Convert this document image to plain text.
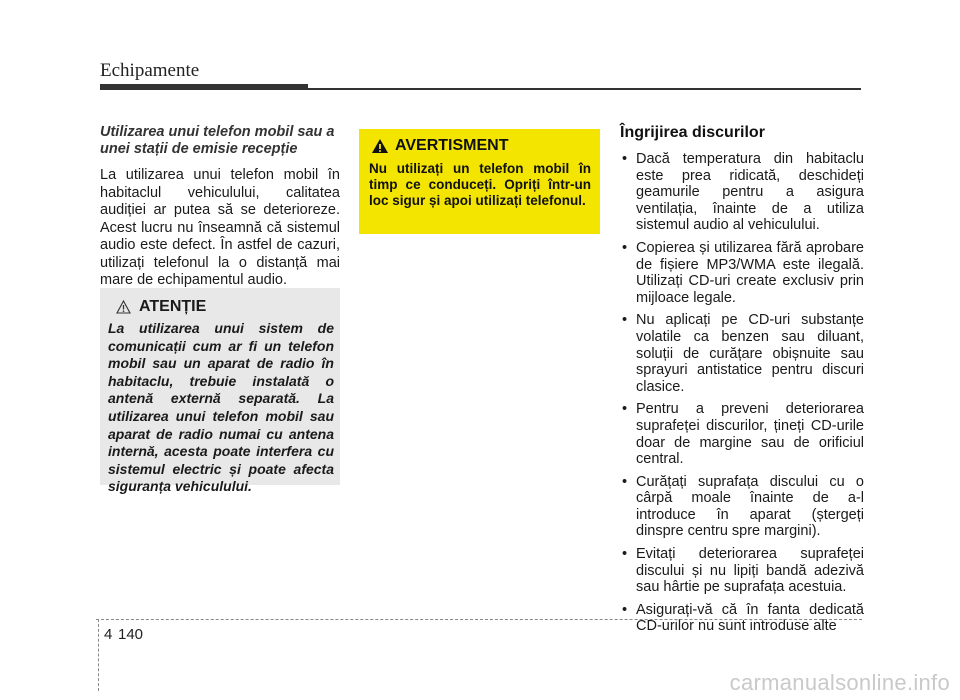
Echipamente

Utilizarea unui telefon mobil sau a unei stații de emisie recepție

La utilizarea unui telefon mobil în habitaclul vehiculului, calitatea audiției ar putea să se deterioreze. Acest lucru nu înseamnă că sistemul audio este defect. În astfel de cazuri, utilizați telefonul la o distanță mai mare de echipamentul audio.

ATENȚIE
La utilizarea unui sistem de comunicații cum ar fi un telefon mobil sau un aparat de radio în habitaclu, trebuie instalată o antenă externă separată. La utilizarea unui telefon mobil sau aparat de radio numai cu antena internă, acesta poate interfera cu sistemul electric și poate afecta siguranța vehiculului.
AVERTISMENT
Nu utilizați un telefon mobil în timp ce conduceți. Opriți într-un loc sigur și apoi utilizați telefonul.
Îngrijirea discurilor
• Dacă temperatura din habitaclu este prea ridicată, deschideți geamurile pentru a asigura ventilația, înainte de a utiliza sistemul audio al vehiculului.
• Copierea și utilizarea fără aprobare de fișiere MP3/WMA este ilegală. Utilizați CD-uri create exclusiv prin mijloace legale.
• Nu aplicați pe CD-uri substanțe volatile ca benzen sau diluant, soluții de curățare obișnuite sau sprayuri antistatice pentru discuri clasice.
• Pentru a preveni deteriorarea suprafeței discurilor, țineți CD-urile doar de margine sau de orificiul central.
• Curățați suprafața discului cu o cârpă moale înainte de a-l introduce în aparat (ștergeți dinspre centru spre margini).
• Evitați deteriorarea suprafeței discului și nu lipiți bandă adezivă sau hârtie pe suprafața acestuia.
• Asigurați-vă că în fanta dedicată CD-urilor nu sunt introduse alte
4 140
carmanualsonline.info
